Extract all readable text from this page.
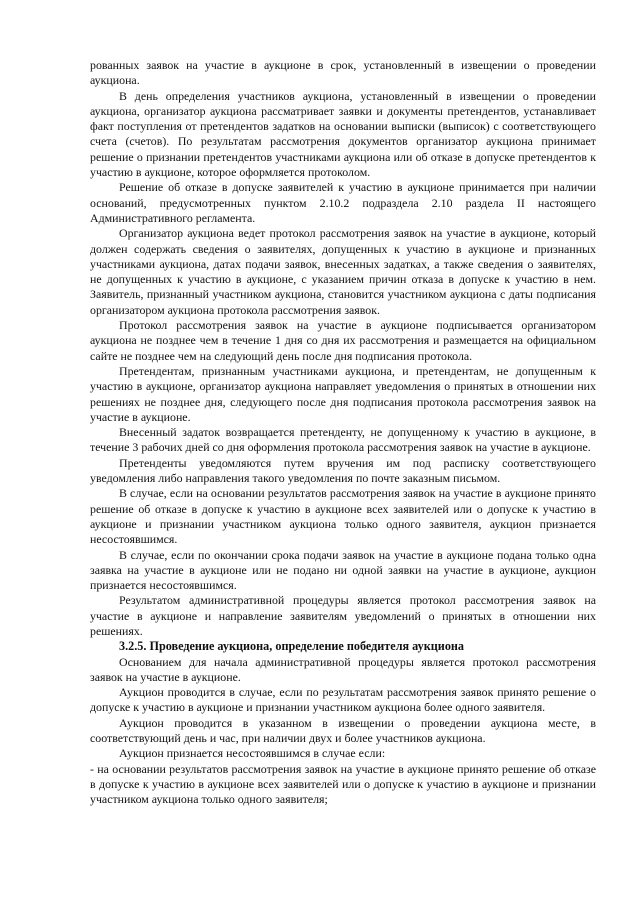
рованных заявок на участие в аукционе в срок, установленный в извещении о проведении аукциона.

В день определения участников аукциона, установленный в извещении о проведении аукциона, организатор аукциона рассматривает заявки и документы претендентов, устанавливает факт поступления от претендентов задатков на основании выписки (выписок) с соответствующего счета (счетов). По результатам рассмотрения документов организатор аукциона принимает решение о признании претендентов участниками аукциона или об отказе в допуске претендентов к участию в аукционе, которое оформляется протоколом.

Решение об отказе в допуске заявителей к участию в аукционе принимается при наличии оснований, предусмотренных пунктом 2.10.2 подраздела 2.10 раздела II настоящего Административного регламента.

Организатор аукциона ведет протокол рассмотрения заявок на участие в аукционе, который должен содержать сведения о заявителях, допущенных к участию в аукционе и признанных участниками аукциона, датах подачи заявок, внесенных задатках, а также сведения о заявителях, не допущенных к участию в аукционе, с указанием причин отказа в допуске к участию в нем. Заявитель, признанный участником аукциона, становится участником аукциона с даты подписания организатором аукциона протокола рассмотрения заявок.

Протокол рассмотрения заявок на участие в аукционе подписывается организатором аукциона не позднее чем в течение 1 дня со дня их рассмотрения и размещается на официальном сайте не позднее чем на следующий день после дня подписания протокола.

Претендентам, признанным участниками аукциона, и претендентам, не допущенным к участию в аукционе, организатор аукциона направляет уведомления о принятых в отношении них решениях не позднее дня, следующего после дня подписания протокола рассмотрения заявок на участие в аукционе.

Внесенный задаток возвращается претенденту, не допущенному к участию в аукционе, в течение 3 рабочих дней со дня оформления протокола рассмотрения заявок на участие в аукционе.

Претенденты уведомляются путем вручения им под расписку соответствующего уведомления либо направления такого уведомления по почте заказным письмом.

В случае, если на основании результатов рассмотрения заявок на участие в аукционе принято решение об отказе в допуске к участию в аукционе всех заявителей или о допуске к участию в аукционе и признании участником аукциона только одного заявителя, аукцион признается несостоявшимся.

В случае, если по окончании срока подачи заявок на участие в аукционе подана только одна заявка на участие в аукционе или не подано ни одной заявки на участие в аукционе, аукцион признается несостоявшимся.

Результатом административной процедуры является протокол рассмотрения заявок на участие в аукционе и направление заявителям уведомлений о принятых в отношении них решениях.

3.2.5. Проведение аукциона, определение победителя аукциона

Основанием для начала административной процедуры является протокол рассмотрения заявок на участие в аукционе.

Аукцион проводится в случае, если по результатам рассмотрения заявок принято решение о допуске к участию в аукционе и признании участником аукциона более одного заявителя.

Аукцион проводится в указанном в извещении о проведении аукциона месте, в соответствующий день и час, при наличии двух и более участников аукциона.

Аукцион признается несостоявшимся в случае если:

- на основании результатов рассмотрения заявок на участие в аукционе принято решение об отказе в допуске к участию в аукционе всех заявителей или о допуске к участию в аукционе и признании участником аукциона только одного заявителя;
